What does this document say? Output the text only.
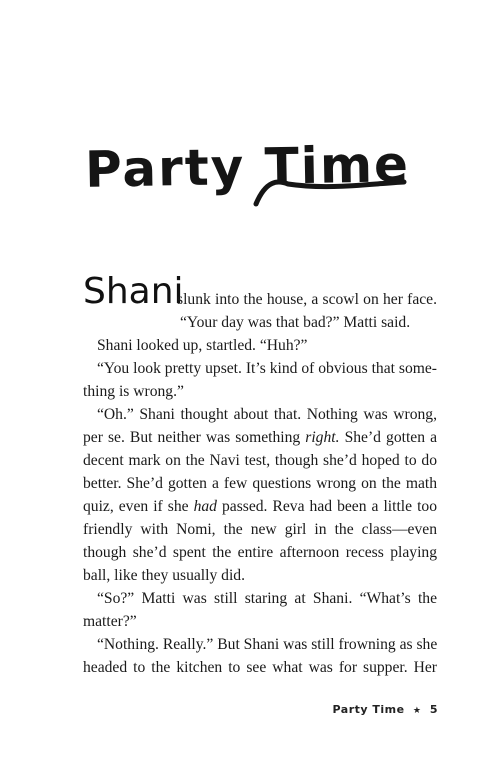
Party Time
Shani
slunk into the house, a scowl on her face.
“Your day was that bad?” Matti said.
Shani looked up, startled. “Huh?”
“You look pretty upset. It’s kind of obvious that some-
thing is wrong.”
“Oh.” Shani thought about that. Nothing was wrong,
per se. But neither was something right. She’d gotten a
decent mark on the Navi test, though she’d hoped to do
better. She’d gotten a few questions wrong on the math
quiz, even if she had passed. Reva had been a little too
friendly with Nomi, the new girl in the class—even
though she’d spent the entire afternoon recess playing
ball, like they usually did.
“So?” Matti was still staring at Shani. “What’s the
matter?”
“Nothing. Really.” But Shani was still frowning as she
headed to the kitchen to see what was for supper. Her
Party Time ★ 5
